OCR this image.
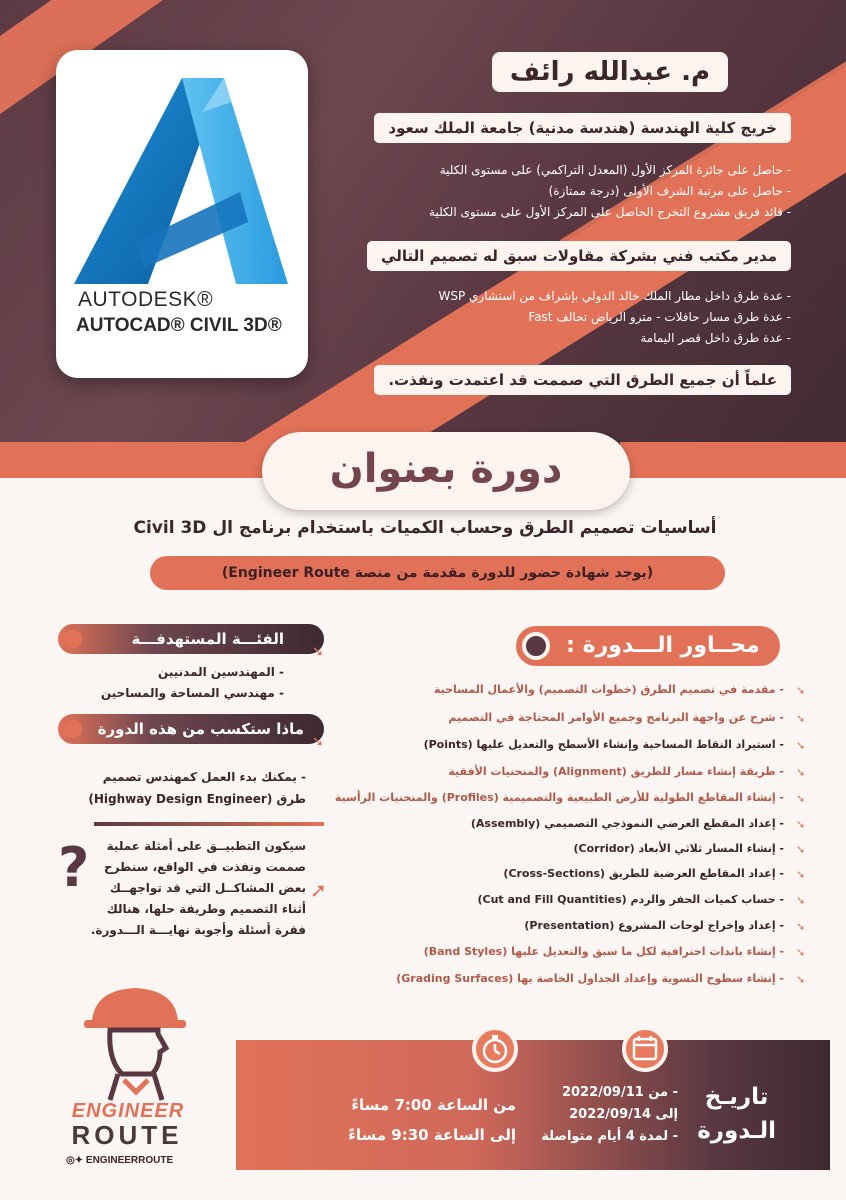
AUTODESK®
AUTOCAD® CIVIL 3D®
م. عبدالله رائف
خريج كلية الهندسة (هندسة مدنية) جامعة الملك سعود
- حاصل على جائزة المركز الأول (المعدل التراكمي) على مستوى الكلية
- حاصل على مرتبة الشرف الأولى (درجة ممتازة)
- قائد فريق مشروع التخرج الحاصل على المركز الأول على مستوى الكلية
مدير مكتب فني بشركة مقاولات سبق له تصميم التالي
- عدة طرق داخل مطار الملك خالد الدولي بإشراف من استشاري WSP
- عدة طرق مسار حافلات - مترو الرياض تحالف Fast
- عدة طرق داخل قصر اليمامة
علماً أن جميع الطرق التي صممت قد اعتمدت ونفذت.
دورة بعنوان
أساسيات تصميم الطرق وحساب الكميات باستخدام برنامج ال Civil 3D
(يوجد شهادة حضور للدورة مقدمة من منصة Engineer Route)
الفئـــة المستهدفـــة
➘
- المهندسين المدنيين
- مهندسي المساحة والمساحين
ماذا ستكسب من هذه الدورة
➘
- يمكنك بدء العمل كمهندس تصميم
طرق (Highway Design Engineer)
?	➚
سيكون التطبيــق على أمثلة عملية
صممت ونفذت في الواقع، سنطرح
بعض المشاكــل التي قد تواجهــك
أثناء التصميم وطريقة حلها، هنالك
فقرة أسئلة وأجوبة نهايـــة الـــدورة.
محــاور الـــدورة :
- مقدمة في تصميم الطرق (خطوات التصميم) والأعمال المساحية
- شرح عن واجهة البرنامج وجميع الأوامر المحتاجة في التصميم
- استيراد النقاط المساحية وإنشاء الأسطح والتعديل عليها (Points)
- طريقة إنشاء مسار للطريق (Alignment) والمنحنيات الأفقية
- إنشاء المقاطع الطولية للأرض الطبيعية والتصميمية (Profiles) والمنحنيات الرأسية
- إعداد المقطع العرضي النموذجي التصميمي (Assembly)
- إنشاء المسار ثلاثي الأبعاد (Corridor)
- إعداد المقاطع العرضية للطريق (Cross-Sections)
- حساب كميات الحفر والردم (Cut and Fill Quantities)
- إعداد وإخراج لوحات المشروع (Presentation)
- إنشاء باندات احترافية لكل ما سبق والتعديل عليها (Band Styles)
- إنشاء سطوح التسوية وإعداد الجداول الخاصة بها (Grading Surfaces)
➘
➘
➘
➘
➘
➘
➘
➘
➘
➘
➘
➘
تاريـخ
الـدورة
- من 2022/09/11
إلى 2022/09/14
- لمدة 4 أيام متواصلة
من الساعة 7:00 مساءً
إلى الساعة 9:30 مساءً
ENGINEER
ROUTE
◎✦ ENGINEERROUTE
